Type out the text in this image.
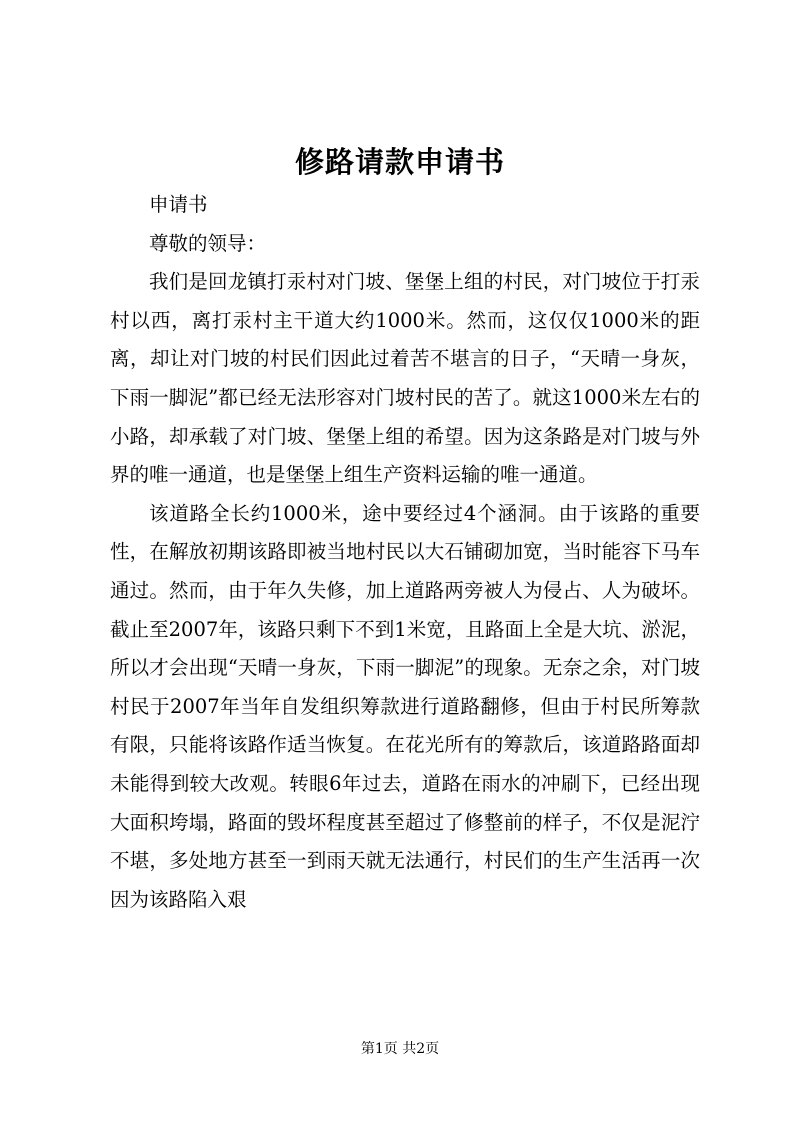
修路请款申请书

申请书

尊敬的领导：

我们是回龙镇打汞村对门坡、堡堡上组的村民，对门坡位于打汞村以西，离打汞村主干道大约1000米。然而，这仅仅1000米的距离，却让对门坡的村民们因此过着苦不堪言的日子，“天晴一身灰，下雨一脚泥”都已经无法形容对门坡村民的苦了。就这1000米左右的小路，却承载了对门坡、堡堡上组的希望。因为这条路是对门坡与外界的唯一通道，也是堡堡上组生产资料运输的唯一通道。

该道路全长约1000米，途中要经过4个涵洞。由于该路的重要性，在解放初期该路即被当地村民以大石铺砌加宽，当时能容下马车通过。然而，由于年久失修，加上道路两旁被人为侵占、人为破坏。截止至2007年，该路只剩下不到1米宽，且路面上全是大坑、淤泥，所以才会出现“天晴一身灰，下雨一脚泥”的现象。无奈之余，对门坡村民于2007年当年自发组织筹款进行道路翻修，但由于村民所筹款有限，只能将该路作适当恢复。在花光所有的筹款后，该道路路面却未能得到较大改观。转眼6年过去，道路在雨水的冲刷下，已经出现大面积垮塌，路面的毁坏程度甚至超过了修整前的样子，不仅是泥泞不堪，多处地方甚至一到雨天就无法通行，村民们的生产生活再一次因为该路陷入艰

第1页 共2页
